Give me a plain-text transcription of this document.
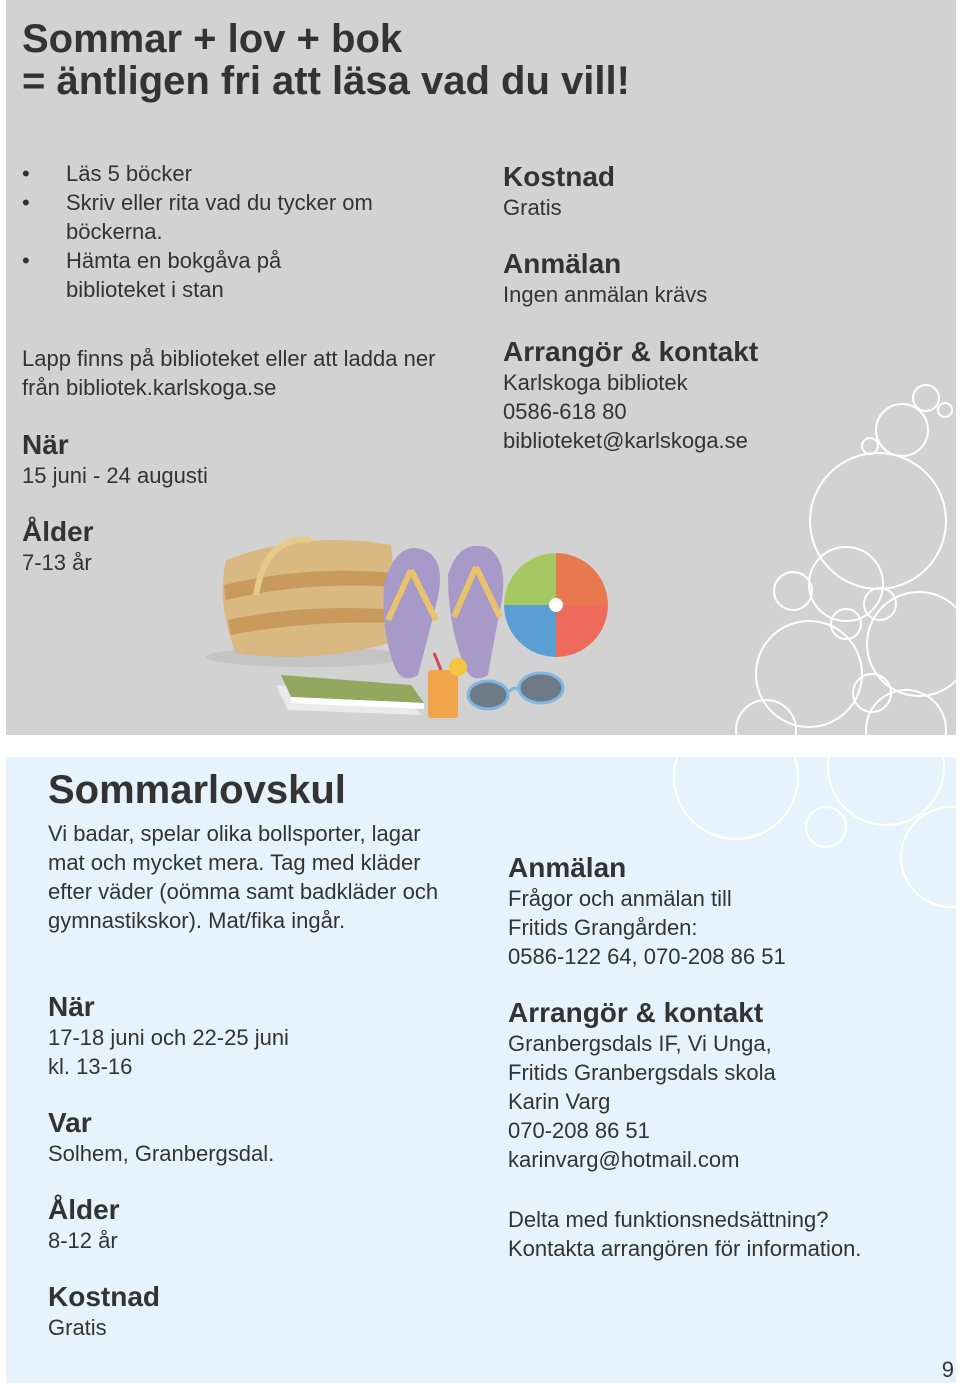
Sommar + lov + bok
= äntligen fri att läsa vad du vill!
• Läs 5 böcker
• Skriv eller rita vad du tycker om böckerna.
• Hämta en bokgåva på biblioteket i stan
Lapp finns på biblioteket eller att ladda ner från bibliotek.karlskoga.se
När
15 juni - 24 augusti
Ålder
7-13 år
Kostnad
Gratis
Anmälan
Ingen anmälan krävs
Arrangör & kontakt
Karlskoga bibliotek
0586-618 80
biblioteket@karlskoga.se
Sommarlovskul
Vi badar, spelar olika bollsporter, lagar mat och mycket mera. Tag med kläder efter väder (oömma samt badkläder och gymnastikskor). Mat/fika ingår.
När
17-18 juni och 22-25 juni
kl. 13-16
Var
Solhem, Granbergsdal.
Ålder
8-12 år
Kostnad
Gratis
Anmälan
Frågor och anmälan till
Fritids Grangården:
0586-122 64, 070-208 86 51
Arrangör & kontakt
Granbergsdals IF, Vi Unga,
Fritids Granbergsdals skola
Karin Varg
070-208 86 51
karinvarg@hotmail.com
Delta med funktionsnedsättning?
Kontakta arrangören för information.
9
